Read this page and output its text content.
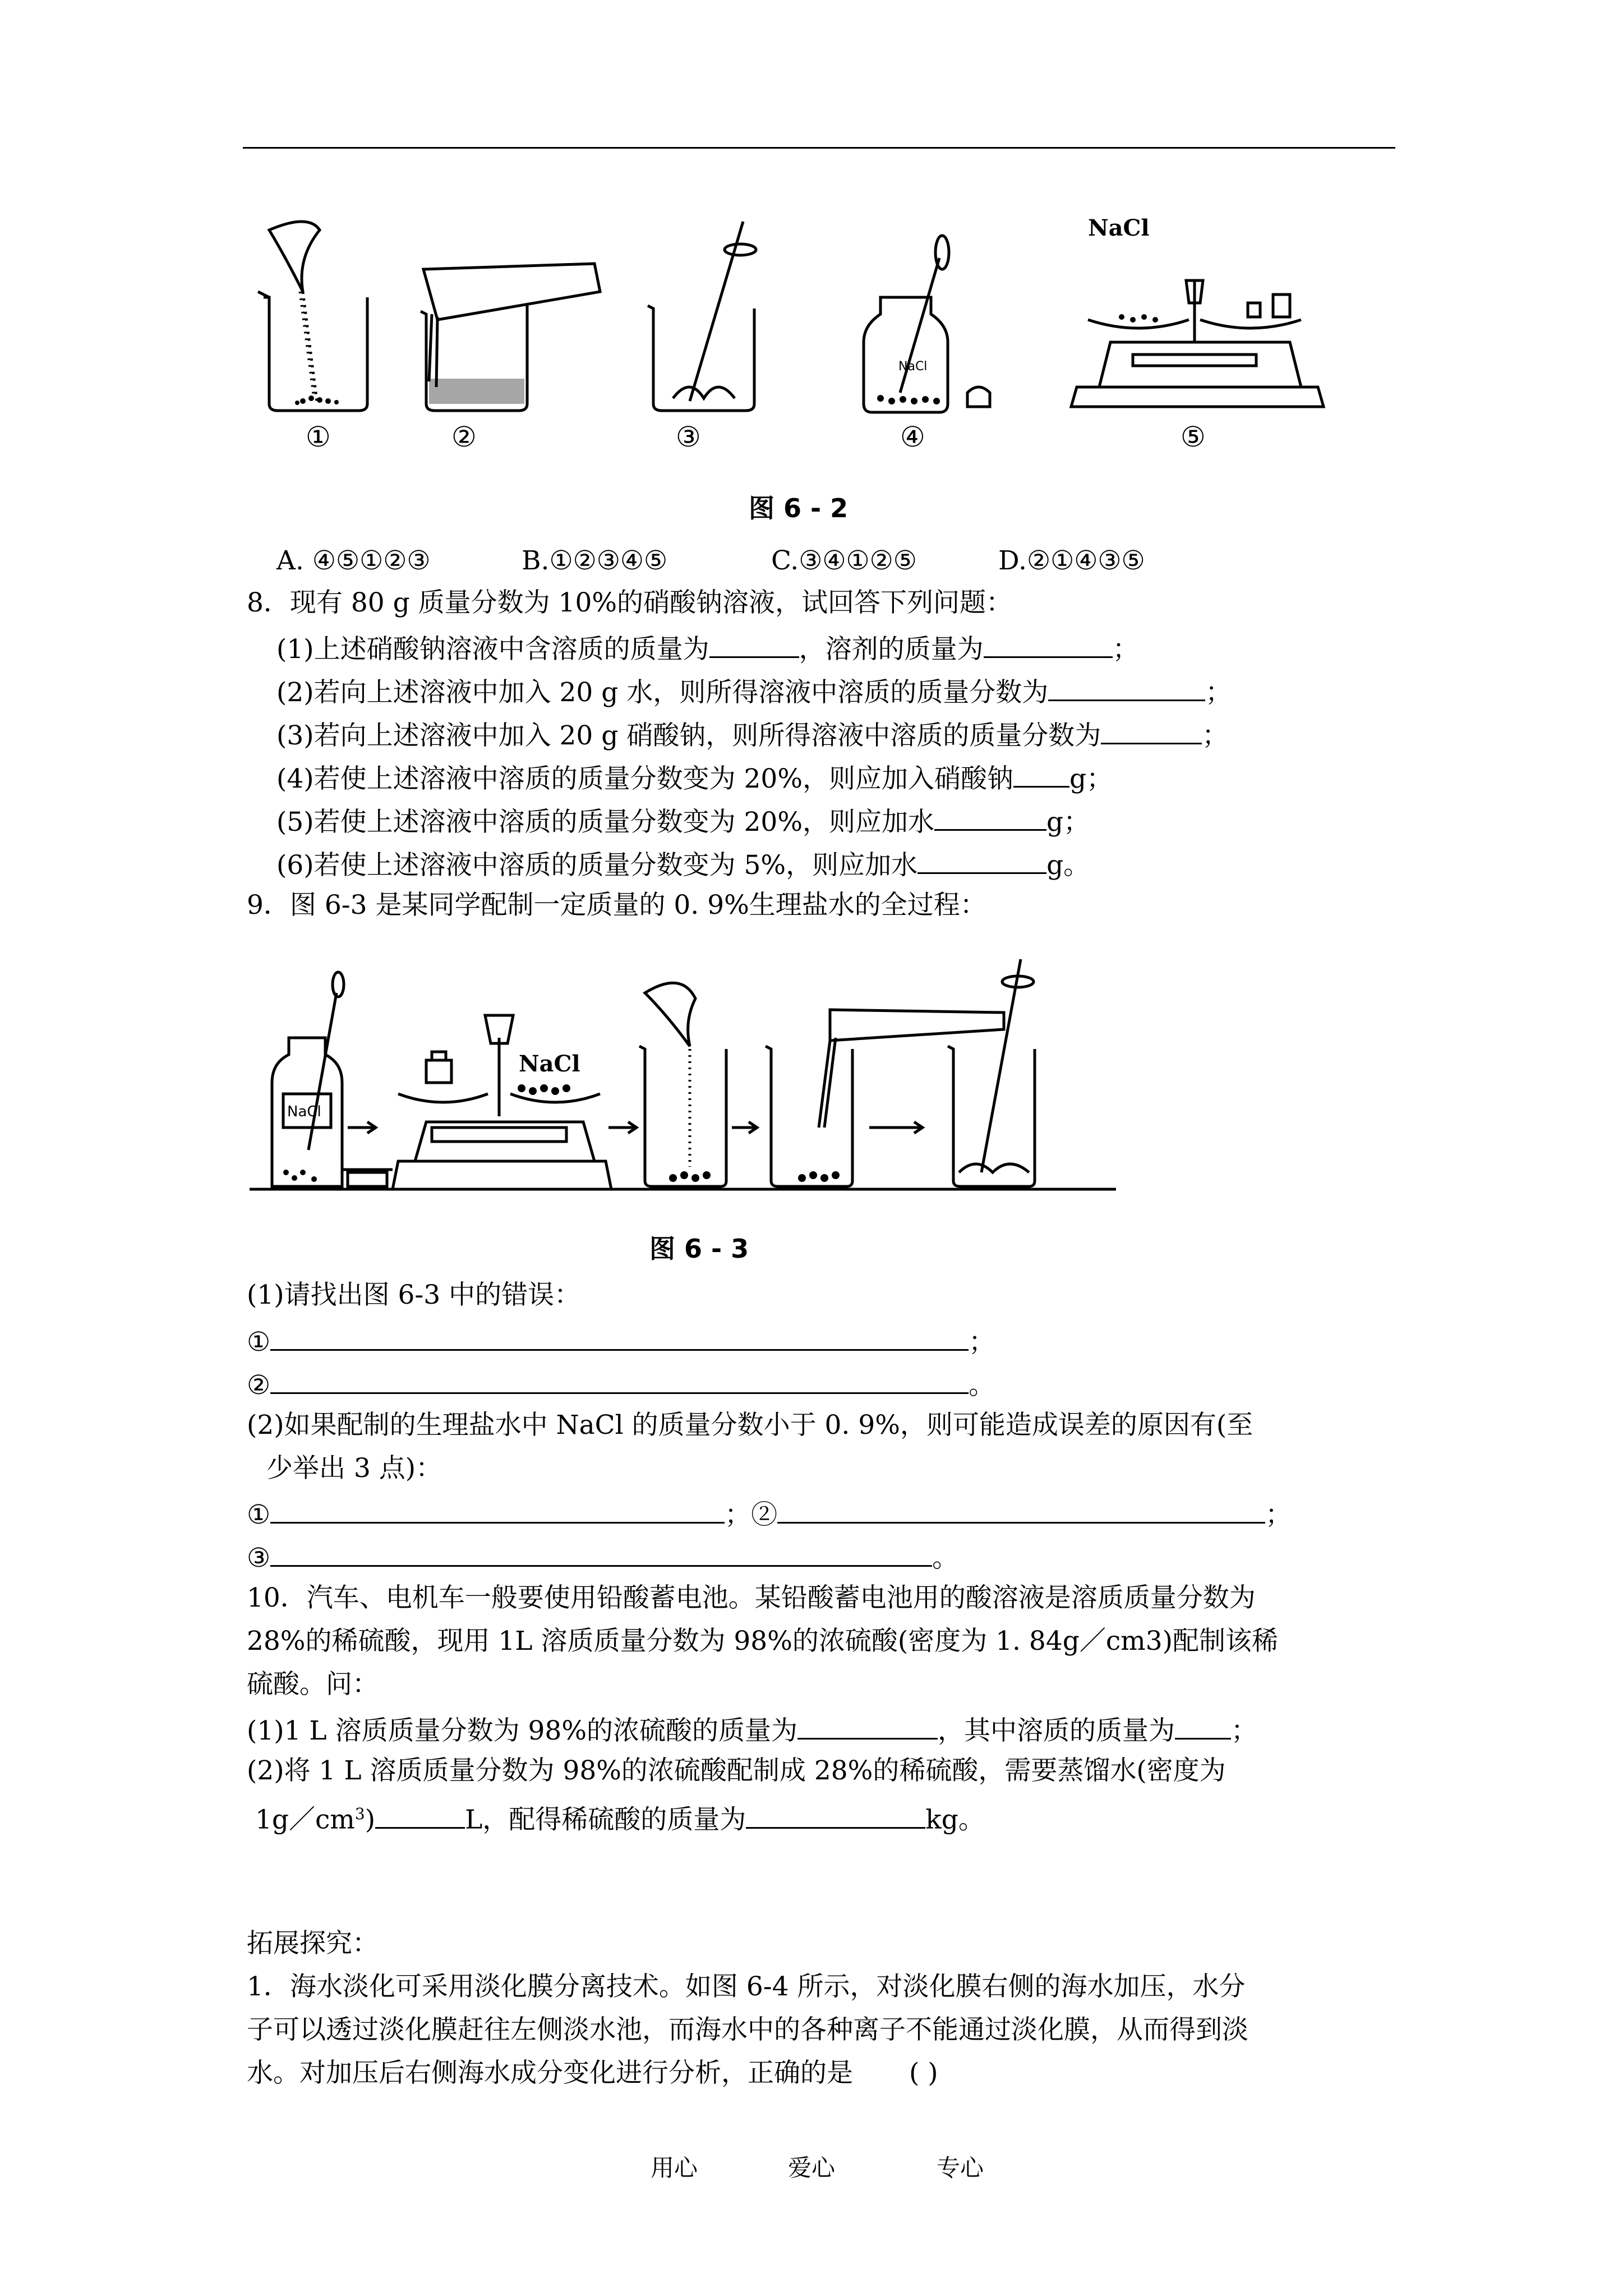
NaCl
NaCl
①	②	③	④	⑤
图 6 - 2
A. ④⑤①②③	B.①②③④⑤	C.③④①②⑤	D.②①④③⑤
8．现有 80 g 质量分数为 10%的硝酸钠溶液，试回答下列问题：
(1)上述硝酸钠溶液中含溶质的质量为	，溶剂的质量为	；
(2)若向上述溶液中加入 20 g 水，则所得溶液中溶质的质量分数为	；
(3)若向上述溶液中加入 20 g 硝酸钠，则所得溶液中溶质的质量分数为	；
(4)若使上述溶液中溶质的质量分数变为 20%，则应加入硝酸钠 g；
(5)若使上述溶液中溶质的质量分数变为 20%，则应加水	g；
(6)若使上述溶液中溶质的质量分数变为 5%，则应加水	g。
9．图 6-3 是某同学配制一定质量的 0. 9%生理盐水的全过程：
NaCl
NaCl
图 6 - 3
(1)请找出图 6-3 中的错误：
①	；
②	。
(2)如果配制的生理盐水中 NaCl 的质量分数小于 0. 9%，则可能造成误差的原因有(至
少举出 3 点)：
①	；②	；
③	。
10．汽车、电机车一般要使用铅酸蓄电池。某铅酸蓄电池用的酸溶液是溶质质量分数为
28%的稀硫酸，现用 1L 溶质质量分数为 98%的浓硫酸(密度为 1. 84g／cm3)配制该稀
硫酸。问：
(1)1 L 溶质质量分数为 98%的浓硫酸的质量为	，其中溶质的质量为 ；
(2)将 1 L 溶质质量分数为 98%的浓硫酸配制成 28%的稀硫酸，需要蒸馏水(密度为
$1g/cm^3$)	L，配得稀硫酸的质量为	kg。
拓展探究：
1．海水淡化可采用淡化膜分离技术。如图 6-4 所示，对淡化膜右侧的海水加压，水分
子可以透过淡化膜赶往左侧淡水池，而海水中的各种离子不能通过淡化膜，从而得到淡
水。对加压后右侧海水成分变化进行分析，正确的是 ( )
用心	爱心	专心
